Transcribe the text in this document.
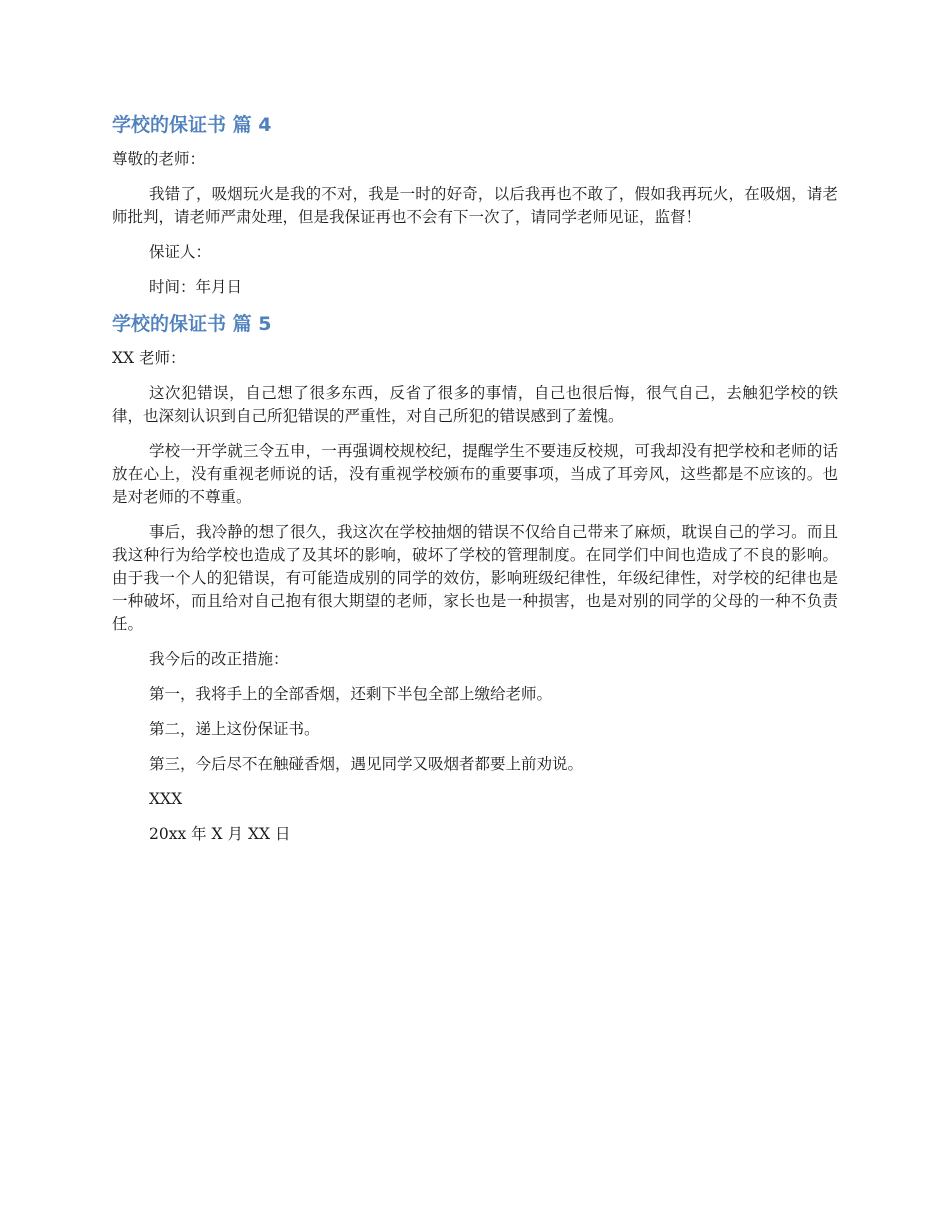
学校的保证书 篇 4

尊敬的老师：

我错了，吸烟玩火是我的不对，我是一时的好奇，以后我再也不敢了，假如我再玩火，在吸烟，请老师批判，请老师严肃处理，但是我保证再也不会有下一次了，请同学老师见证，监督！

保证人：

时间：年月日

学校的保证书 篇 5

XX 老师：

这次犯错误，自己想了很多东西，反省了很多的事情，自己也很后悔，很气自己，去触犯学校的铁律，也深刻认识到自己所犯错误的严重性，对自己所犯的错误感到了羞愧。

学校一开学就三令五申，一再强调校规校纪，提醒学生不要违反校规，可我却没有把学校和老师的话放在心上，没有重视老师说的话，没有重视学校颁布的重要事项，当成了耳旁风，这些都是不应该的。也是对老师的不尊重。

事后，我冷静的想了很久，我这次在学校抽烟的错误不仅给自己带来了麻烦，耽误自己的学习。而且我这种行为给学校也造成了及其坏的影响，破坏了学校的管理制度。在同学们中间也造成了不良的影响。由于我一个人的犯错误，有可能造成别的同学的效仿，影响班级纪律性，年级纪律性，对学校的纪律也是一种破坏，而且给对自己抱有很大期望的老师，家长也是一种损害，也是对别的同学的父母的一种不负责任。

我今后的改正措施：

第一，我将手上的全部香烟，还剩下半包全部上缴给老师。

第二，递上这份保证书。

第三，今后尽不在触碰香烟，遇见同学又吸烟者都要上前劝说。

XXX

20xx 年 X 月 XX 日
